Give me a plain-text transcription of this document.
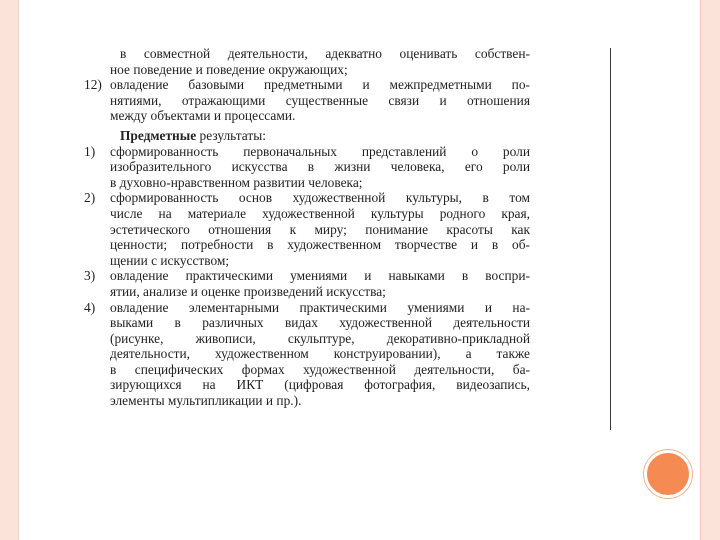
в совместной деятельности, адекватно оценивать собствен-
ное поведение и поведение окружающих;
12) овладение базовыми предметными и межпредметными по-
нятиями, отражающими существенные связи и отношения
между объектами и процессами.
Предметные результаты:
1)	сформированность первоначальных представлений о роли
изобразительного искусства в жизни человека, его роли
в духовно-нравственном развитии человека;
2)	сформированность основ художественной культуры, в том
числе на материале художественной культуры родного края,
эстетического отношения к миру; понимание красоты как
ценности; потребности в художественном творчестве и в об-
щении с искусством;
3)	овладение практическими умениями и навыками в воспри-
ятии, анализе и оценке произведений искусства;
4)	овладение элементарными практическими умениями и на-
выками в различных видах художественной деятельности
(рисунке, живописи, скульптуре, декоративно-прикладной
деятельности, художественном конструировании), а также
в специфических формах художественной деятельности, ба-
зирующихся на ИКТ (цифровая фотография, видеозапись,
элементы мультипликации и пр.).
